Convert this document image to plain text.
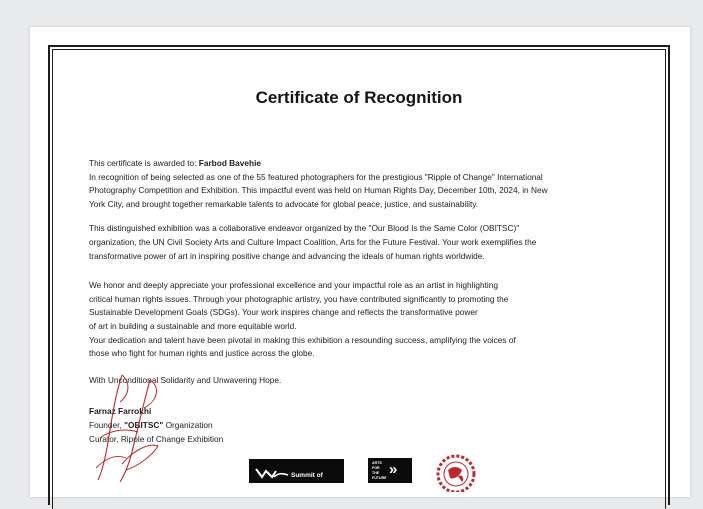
Certificate of Recognition

This certificate is awarded to: Farbod Bavehie

In recognition of being selected as one of the 55 featured photographers for the prestigious "Ripple of Change" International
Photography Competition and Exhibition. This impactful event was held on Human Rights Day, December 10th, 2024, in New
York City, and brought together remarkable talents to advocate for global peace, justice, and sustainability.

This distinguished exhibition was a collaborative endeavor organized by the "Our Blood Is the Same Color (OBITSC)"
organization, the UN Civil Society Arts and Culture Impact Coalition, Arts for the Future Festival. Your work exemplifies the
transformative power of art in inspiring positive change and advancing the ideals of human rights worldwide.

We honor and deeply appreciate your professional excellence and your impactful role as an artist in highlighting
critical human rights issues. Through your photographic artistry, you have contributed significantly to promoting the
Sustainable Development Goals (SDGs). Your work inspires change and reflects the transformative power
of art in building a sustainable and more equitable world.
Your dedication and talent have been pivotal in making this exhibition a resounding success, amplifying the voices of
those who fight for human rights and justice across the globe.

With Unconditional Solidarity and Unwavering Hope.

Farnaz Farrokhi
Founder, "OBITSC" Organization
Curator, Ripple of Change Exhibition
Summit of
ARTS
FOR
THE
FUTURE »
